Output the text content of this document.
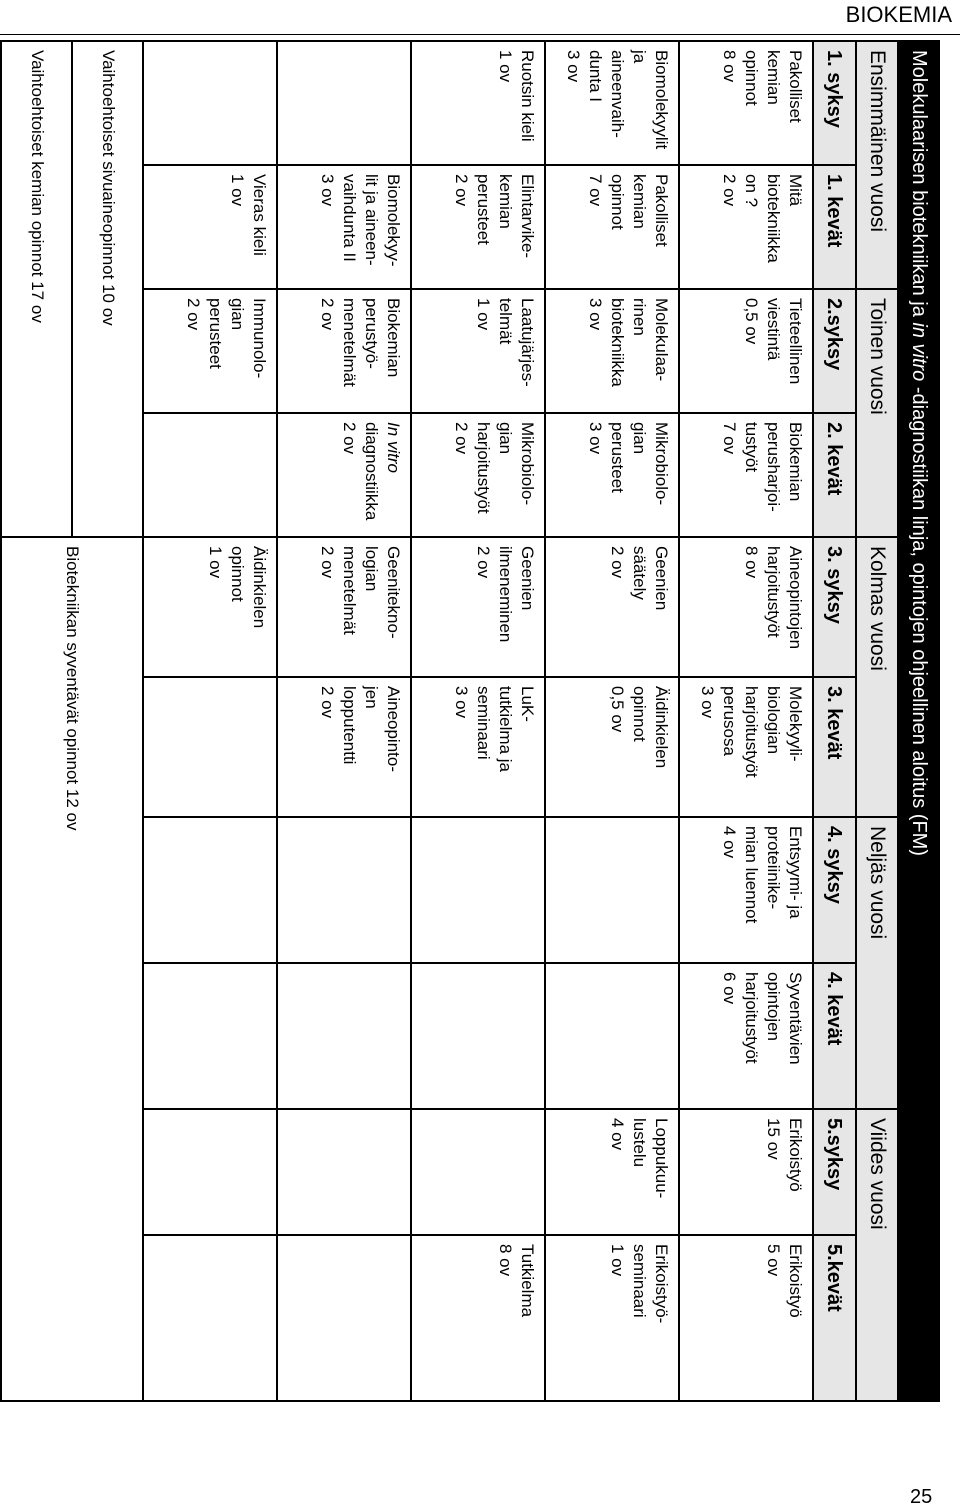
BIOKEMIA
Molekulaarisen biotekniikan ja in vitro -diagnostiikan linja, opintojen ohjeellinen aloitus (FM)									
Ensimmäinen vuosi		Toinen vuosi		Kolmas vuosi		Neljäs vuosi		Viides vuosi	
1. syksy	1. kevät	2.syksy	2. kevät	3. syksy	3. kevät	4. syksy	4. kevät	5.syksy	5.kevät
Pakolliset
kemian
opinnot
8 ov	Mitä
biotekniikka
on ?
2 ov	Tieteellinen
viestintä
0,5 ov	Biokemian
perusharjoi-
tustyöt
7 ov	Aineopintojen
harjoitustyöt
8 ov	Molekyyli-
biologian
harjoitustyöt
perusosa
3 ov	Entsyymi- ja
proteiinike-
mian luennot
4 ov	Syventävien
opintojen
harjoitustyöt
6 ov	Erikoistyö
15 ov	Erikoistyö
5 ov
Biomolekyylit
ja
aineenvaih-
dunta I
3 ov	Pakolliset
kemian
opinnot
7 ov	Molekulaa-
rinen
biotekniikka
3 ov	Mikrobiolo-
gian
perusteet
3 ov	Geenien
säätely
2 ov	Äidinkielen
opinnot
0,5 ov			Loppukuu-
lustelu
4 ov	Erikoistyö-
seminaari
1 ov
Ruotsin kieli
1 ov	Elintarvike-
kemian
perusteet
2 ov	Laatujärjes-
telmät
1 ov	Mikrobiolo-
gian
harjoitustyöt
2 ov	Geenien
ilmeneminen
2 ov	LuK-
tutkielma ja
seminaari
3 ov				Tutkielma
8 ov
	Biomolekyy-
lit ja aineen-
vaihdunta II
3 ov	Biokemian
perustyö-
menetelmät
2 ov	In vitro
diagnostiikka
2 ov	Geenitekno-
logian
menetelmät
2 ov	Aineopinto-
jen
lopputentti
2 ov				
	Vieras kieli
1 ov	Immunolo-
gian
perusteet
2 ov		Äidinkielen
opinnot
1 ov					
Vaihtoehtoiset sivuaineopinnot 10 ov				Biotekniikan syventävät opinnot 12 ov					
Vaihtoehtoiset kemian opinnot 17 ov									
25
